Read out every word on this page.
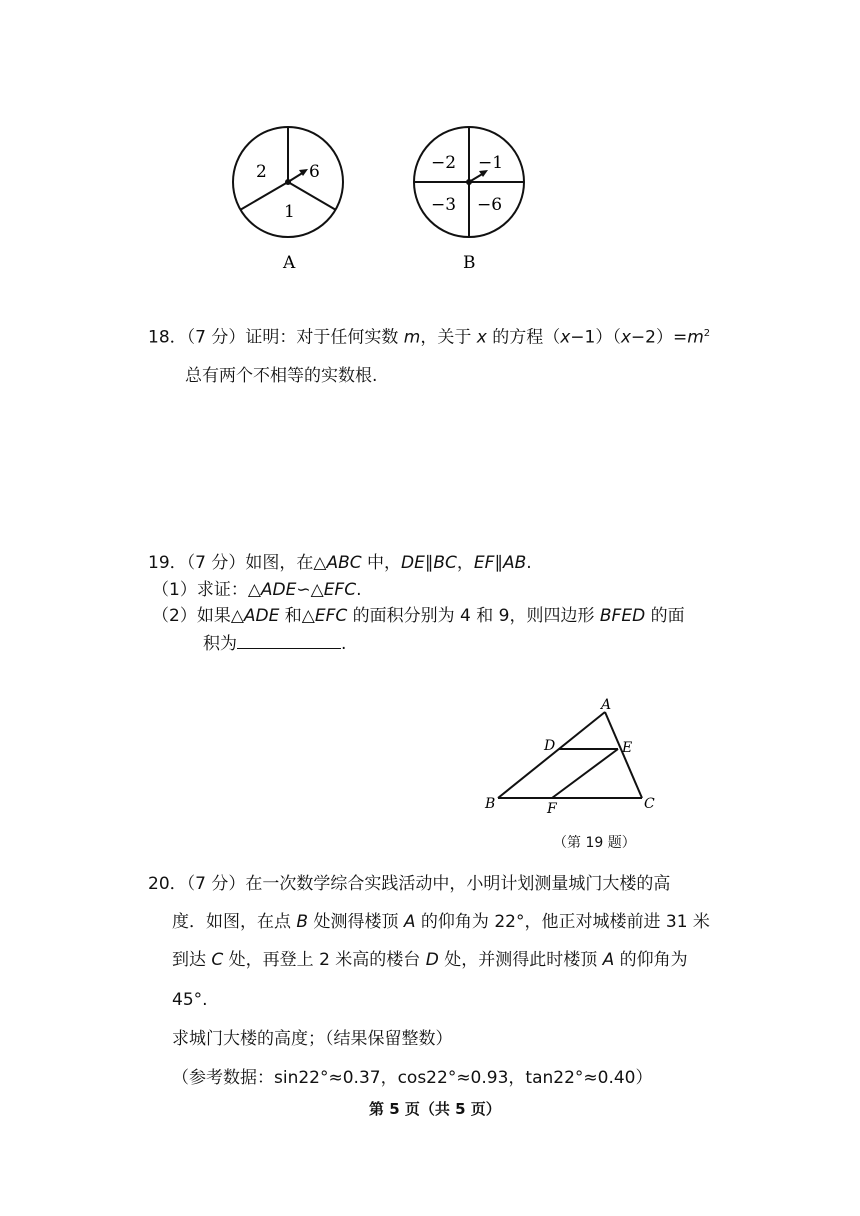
2 6
1
A
−2 −1
−3 −6
B
18．（7 分）证明：对于任何实数 m，关于 x 的方程$(x-1)(x-2)=m^2$
总有两个不相等的实数根.
19．（7 分）如图，在△ABC 中，DE∥BC，EF∥AB.
（1）求证：△ADE∽△EFC.
（2）如果△ADE 和△EFC 的面积分别为 4 和 9，则四边形 BFED 的面
积为	.
A
B	C
D	E
F
（第 19 题）
20．（7 分）在一次数学综合实践活动中，小明计划测量城门大楼的高
度．如图，在点 B 处测得楼顶 A 的仰角为 22°，他正对城楼前进 31 米
到达 C 处，再登上 2 米高的楼台 D 处，并测得此时楼顶 A 的仰角为
45°.
求城门大楼的高度；（结果保留整数）
（参考数据：sin22°≈0.37，cos22°≈0.93，tan22°≈0.40）
第 5 页（共 5 页）
